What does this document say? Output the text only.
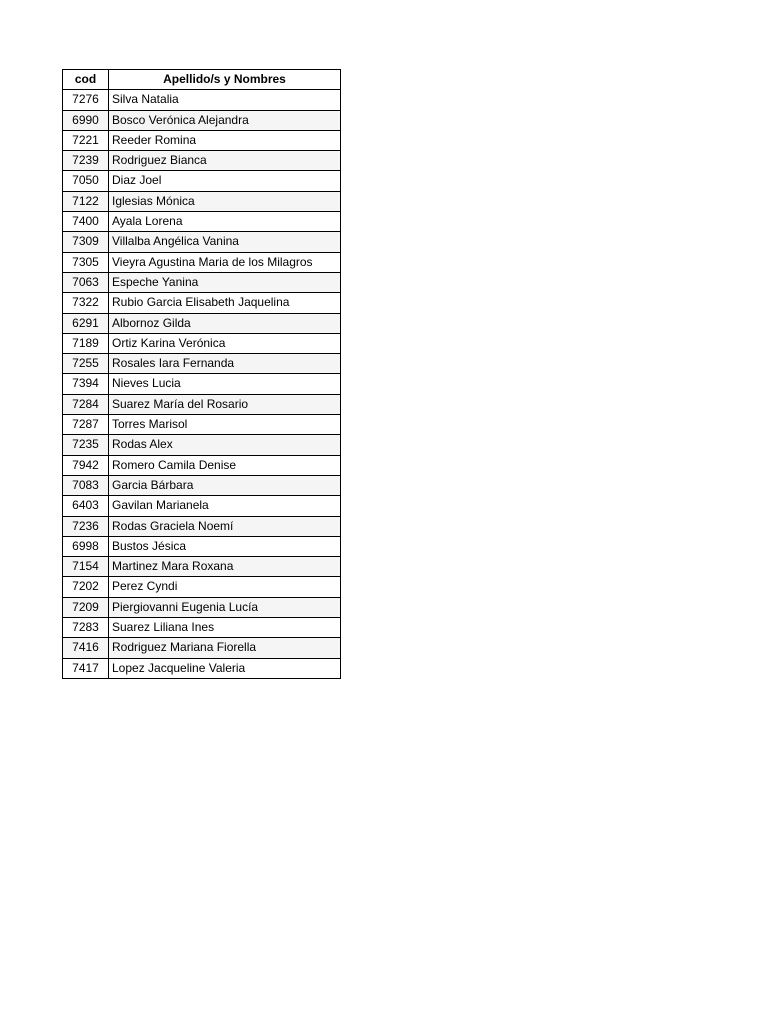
cod	Apellido/s y Nombres
7276	Silva Natalia
6990	Bosco Verónica Alejandra
7221	Reeder Romina
7239	Rodriguez Bianca
7050	Diaz Joel
7122	Iglesias Mónica
7400	Ayala Lorena
7309	Villalba Angélica Vanina
7305	Vieyra Agustina Maria de los Milagros
7063	Espeche Yanina
7322	Rubio Garcia Elisabeth Jaquelina
6291	Albornoz Gilda
7189	Ortiz Karina Verónica
7255	Rosales Iara Fernanda
7394	Nieves Lucia
7284	Suarez María del Rosario
7287	Torres Marisol
7235	Rodas Alex
7942	Romero Camila Denise
7083	Garcia Bárbara
6403	Gavilan Marianela
7236	Rodas Graciela Noemí
6998	Bustos Jésica
7154	Martinez Mara Roxana
7202	Perez Cyndi
7209	Piergiovanni Eugenia Lucía
7283	Suarez Liliana Ines
7416	Rodriguez Mariana Fiorella
7417	Lopez Jacqueline Valeria
